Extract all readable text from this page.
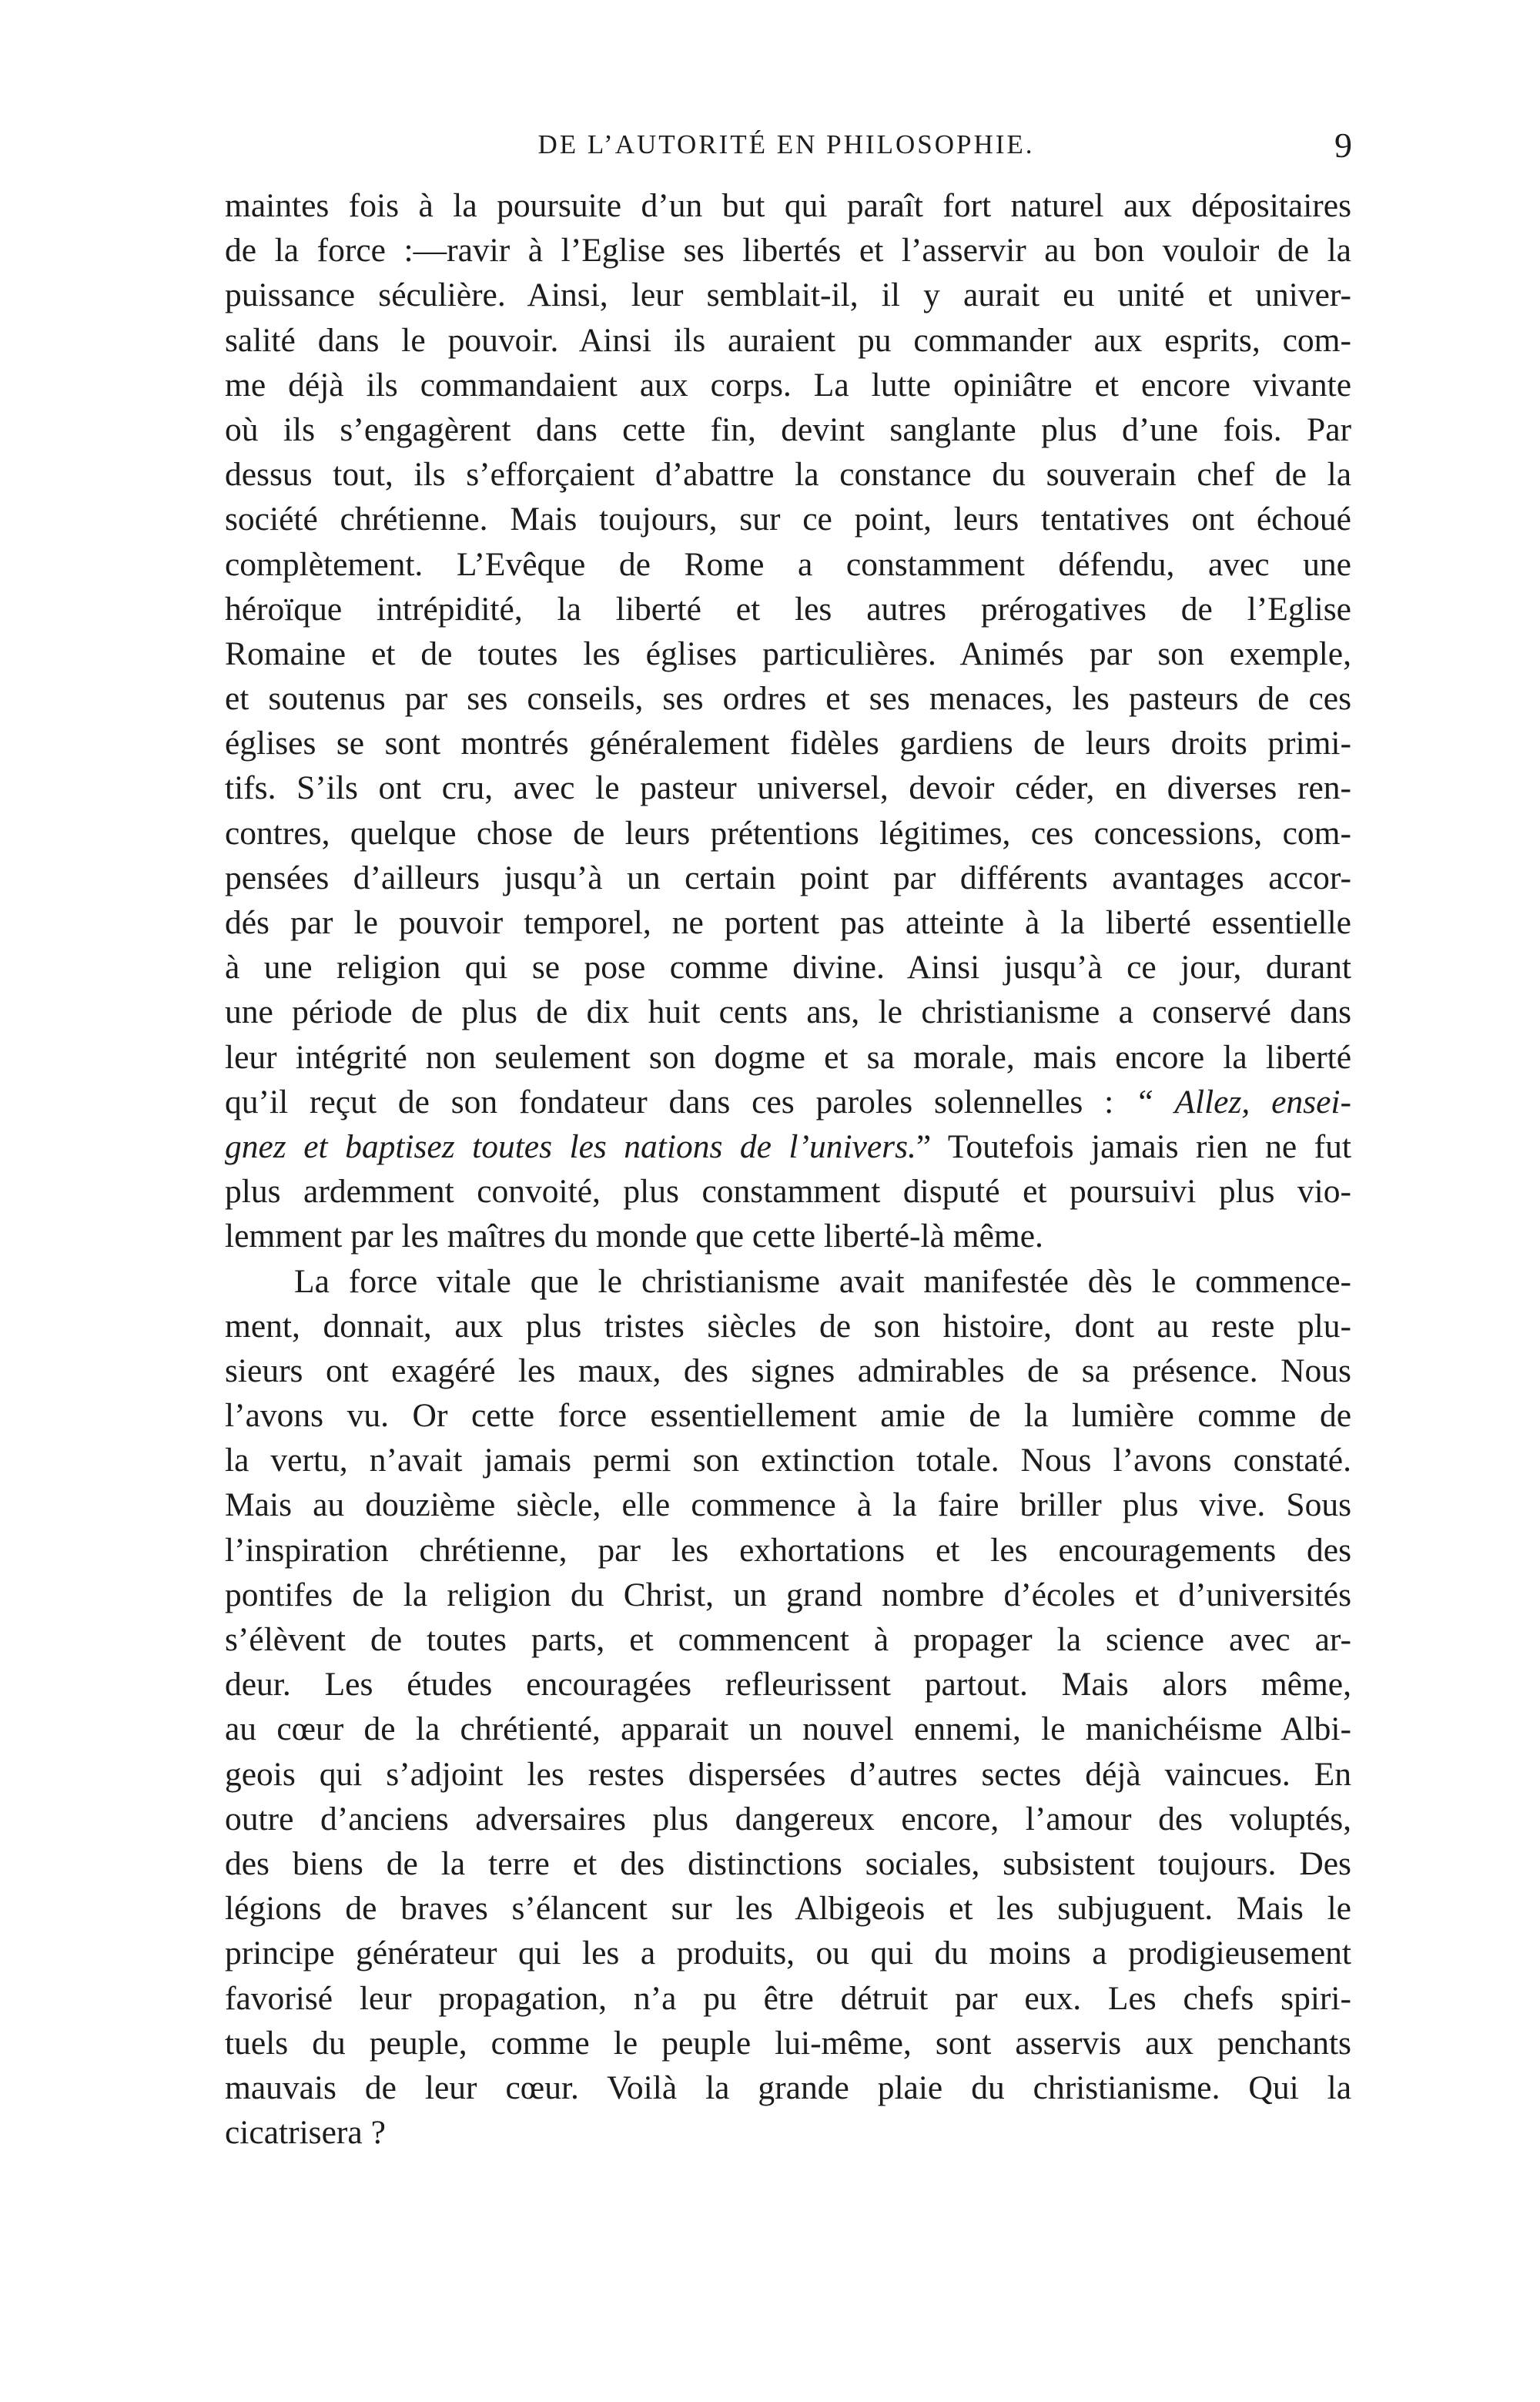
DE L’AUTORITÉ EN PHILOSOPHIE.	9
maintes fois à la poursuite d’un but qui paraît fort naturel aux dépositaires
de la force :—ravir à l’Eglise ses libertés et l’asservir au bon vouloir de la
puissance séculière. Ainsi, leur semblait-il, il y aurait eu unité et univer-
salité dans le pouvoir. Ainsi ils auraient pu commander aux esprits, com-
me déjà ils commandaient aux corps. La lutte opiniâtre et encore vivante
où ils s’engagèrent dans cette fin, devint sanglante plus d’une fois. Par
dessus tout, ils s’efforçaient d’abattre la constance du souverain chef de la
société chrétienne. Mais toujours, sur ce point, leurs tentatives ont échoué
complètement. L’Evêque de Rome a constamment défendu, avec une
héroïque intrépidité, la liberté et les autres prérogatives de l’Eglise
Romaine et de toutes les églises particulières. Animés par son exemple,
et soutenus par ses conseils, ses ordres et ses menaces, les pasteurs de ces
églises se sont montrés généralement fidèles gardiens de leurs droits primi-
tifs. S’ils ont cru, avec le pasteur universel, devoir céder, en diverses ren-
contres, quelque chose de leurs prétentions légitimes, ces concessions, com-
pensées d’ailleurs jusqu’à un certain point par différents avantages accor-
dés par le pouvoir temporel, ne portent pas atteinte à la liberté essentielle
à une religion qui se pose comme divine. Ainsi jusqu’à ce jour, durant
une période de plus de dix huit cents ans, le christianisme a conservé dans
leur intégrité non seulement son dogme et sa morale, mais encore la liberté
qu’il reçut de son fondateur dans ces paroles solennelles : “ Allez, ensei-
gnez et baptisez toutes les nations de l’univers.” Toutefois jamais rien ne fut
plus ardemment convoité, plus constamment disputé et poursuivi plus vio-
lemment par les maîtres du monde que cette liberté-là même.
La force vitale que le christianisme avait manifestée dès le commence-
ment, donnait, aux plus tristes siècles de son histoire, dont au reste plu-
sieurs ont exagéré les maux, des signes admirables de sa présence. Nous
l’avons vu. Or cette force essentiellement amie de la lumière comme de
la vertu, n’avait jamais permi son extinction totale. Nous l’avons constaté.
Mais au douzième siècle, elle commence à la faire briller plus vive. Sous
l’inspiration chrétienne, par les exhortations et les encouragements des
pontifes de la religion du Christ, un grand nombre d’écoles et d’universités
s’élèvent de toutes parts, et commencent à propager la science avec ar-
deur. Les études encouragées refleurissent partout. Mais alors même,
au cœur de la chrétienté, apparait un nouvel ennemi, le manichéisme Albi-
geois qui s’adjoint les restes dispersées d’autres sectes déjà vaincues. En
outre d’anciens adversaires plus dangereux encore, l’amour des voluptés,
des biens de la terre et des distinctions sociales, subsistent toujours. Des
légions de braves s’élancent sur les Albigeois et les subjuguent. Mais le
principe générateur qui les a produits, ou qui du moins a prodigieusement
favorisé leur propagation, n’a pu être détruit par eux. Les chefs spiri-
tuels du peuple, comme le peuple lui-même, sont asservis aux penchants
mauvais de leur cœur. Voilà la grande plaie du christianisme. Qui la
cicatrisera ?
